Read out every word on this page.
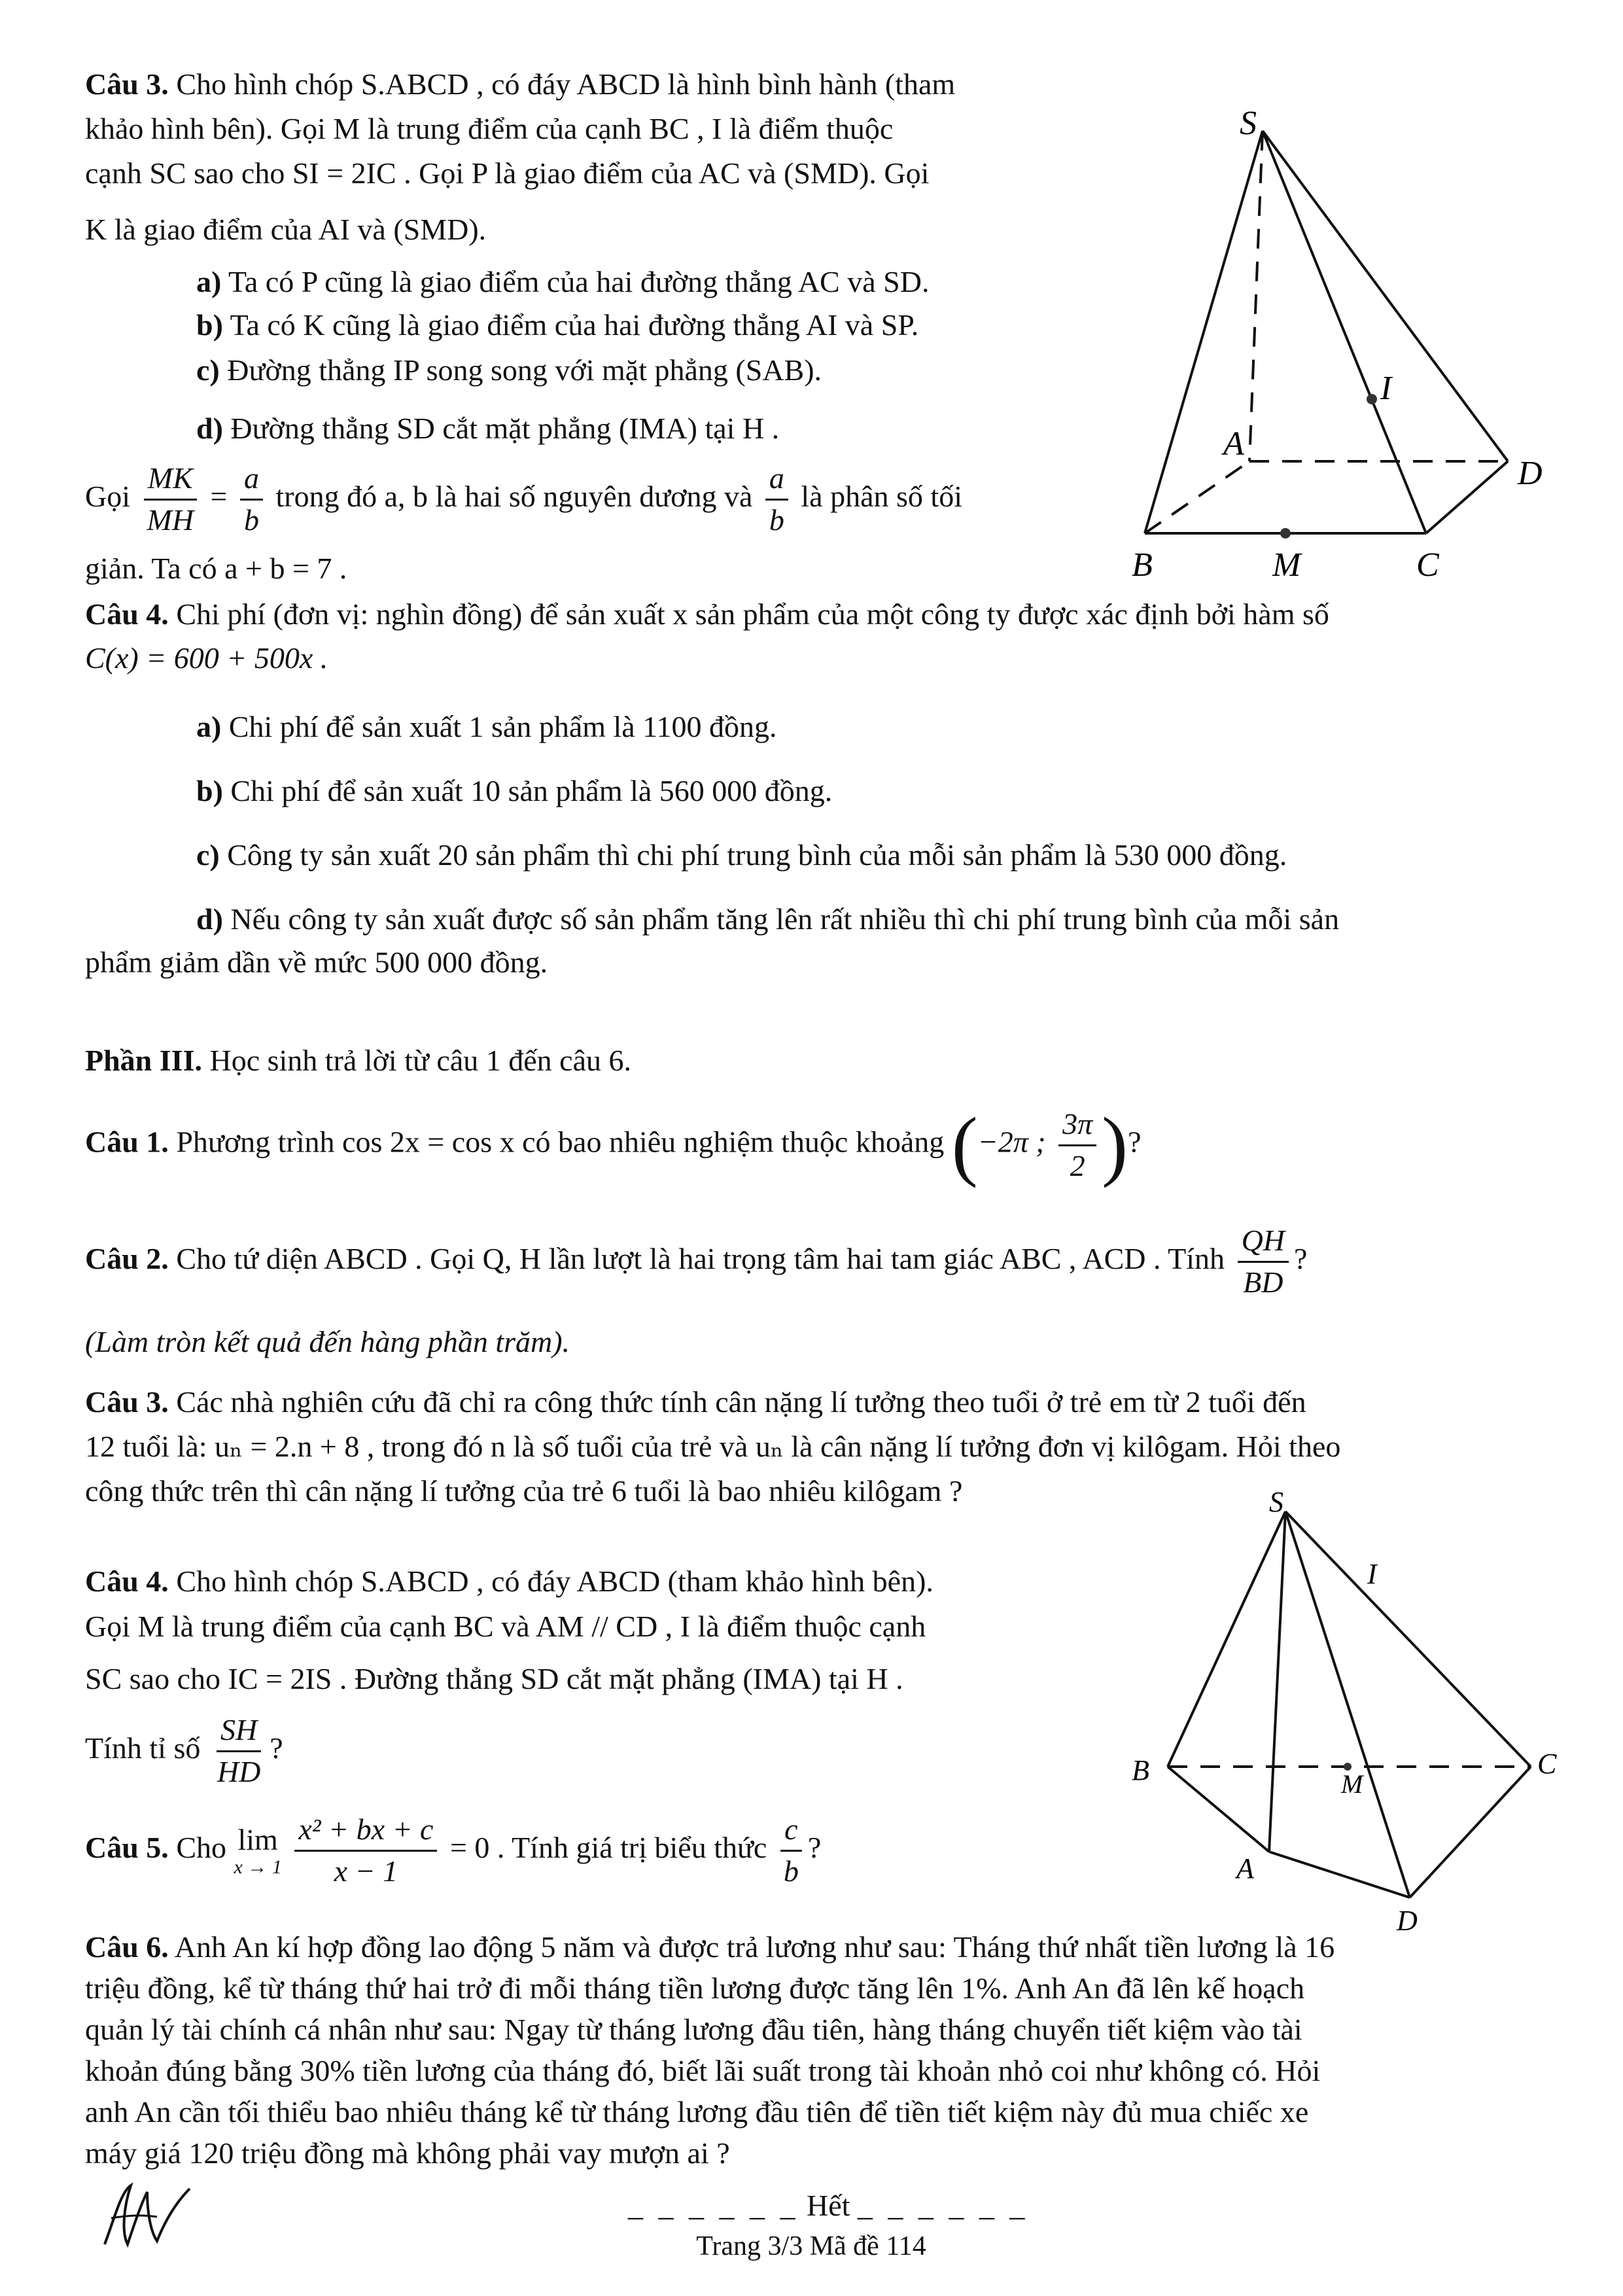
Câu 3. Cho hình chóp S.ABCD , có đáy ABCD là hình bình hành (tham
khảo hình bên). Gọi M là trung điểm của cạnh BC , I là điểm thuộc
cạnh SC sao cho SI = 2IC . Gọi P là giao điểm của AC và (SMD). Gọi
K là giao điểm của AI và (SMD).
a) Ta có P cũng là giao điểm của hai đường thẳng AC và SD.
b) Ta có K cũng là giao điểm của hai đường thẳng AI và SP.
c) Đường thẳng IP song song với mặt phẳng (SAB).
d) Đường thẳng SD cắt mặt phẳng (IMA) tại H .
Gọi $\frac{MK}{MH} = \frac{a}{b}$ trong đó a, b là hai số nguyên dương và $\frac{a}{b}$ là phân số tối
giản. Ta có a + b = 7 .
S
I
A
D
B	M	C
Câu 4. Chi phí (đơn vị: nghìn đồng) để sản xuất x sản phẩm của một công ty được xác định bởi hàm số
C(x) = 600 + 500x .
a) Chi phí để sản xuất 1 sản phẩm là 1100 đồng.
b) Chi phí để sản xuất 10 sản phẩm là 560 000 đồng.
c) Công ty sản xuất 20 sản phẩm thì chi phí trung bình của mỗi sản phẩm là 530 000 đồng.
d) Nếu công ty sản xuất được số sản phẩm tăng lên rất nhiều thì chi phí trung bình của mỗi sản
phẩm giảm dần về mức 500 000 đồng.
Phần III. Học sinh trả lời từ câu 1 đến câu 6.
Câu 1. Phương trình cos 2x = cos x có bao nhiêu nghiệm thuộc khoảng (−2π ; $\frac{3\pi}{2}$ )?
Câu 2. Cho tứ diện ABCD . Gọi Q, H lần lượt là hai trọng tâm hai tam giác ABC , ACD . Tính $\frac{QH}{BD}$ ?
(Làm tròn kết quả đến hàng phần trăm).
Câu 3. Các nhà nghiên cứu đã chỉ ra công thức tính cân nặng lí tưởng theo tuổi ở trẻ em từ 2 tuổi đến
12 tuổi là: uₙ = 2.n + 8 , trong đó n là số tuổi của trẻ và uₙ là cân nặng lí tưởng đơn vị kilôgam. Hỏi theo
công thức trên thì cân nặng lí tưởng của trẻ 6 tuổi là bao nhiêu kilôgam ?
Câu 4. Cho hình chóp S.ABCD , có đáy ABCD (tham khảo hình bên).
Gọi M là trung điểm của cạnh BC và AM // CD , I là điểm thuộc cạnh
SC sao cho IC = 2IS . Đường thẳng SD cắt mặt phẳng (IMA) tại H .
Tính tỉ số $\frac{SH}{HD}$ ?
Câu 5. Cho lim
x → 1
$\frac{\text{x² + bx + c}}{x - 1} = 0$ . Tính giá trị biểu thức $\frac{c}{b}$ ?
S
I
B	M
C
A
D
Câu 6. Anh An kí hợp đồng lao động 5 năm và được trả lương như sau: Tháng thứ nhất tiền lương là 16
triệu đồng, kể từ tháng thứ hai trở đi mỗi tháng tiền lương được tăng lên 1%. Anh An đã lên kế hoạch
quản lý tài chính cá nhân như sau: Ngay từ tháng lương đầu tiên, hàng tháng chuyển tiết kiệm vào tài
khoản đúng bằng 30% tiền lương của tháng đó, biết lãi suất trong tài khoản nhỏ coi như không có. Hỏi
anh An cần tối thiểu bao nhiêu tháng kể từ tháng lương đầu tiên để tiền tiết kiệm này đủ mua chiếc xe
máy giá 120 triệu đồng mà không phải vay mượn ai ?
_ _ _ _ _ _ Hết _ _ _ _ _ _
Trang 3/3 Mã đề 114
